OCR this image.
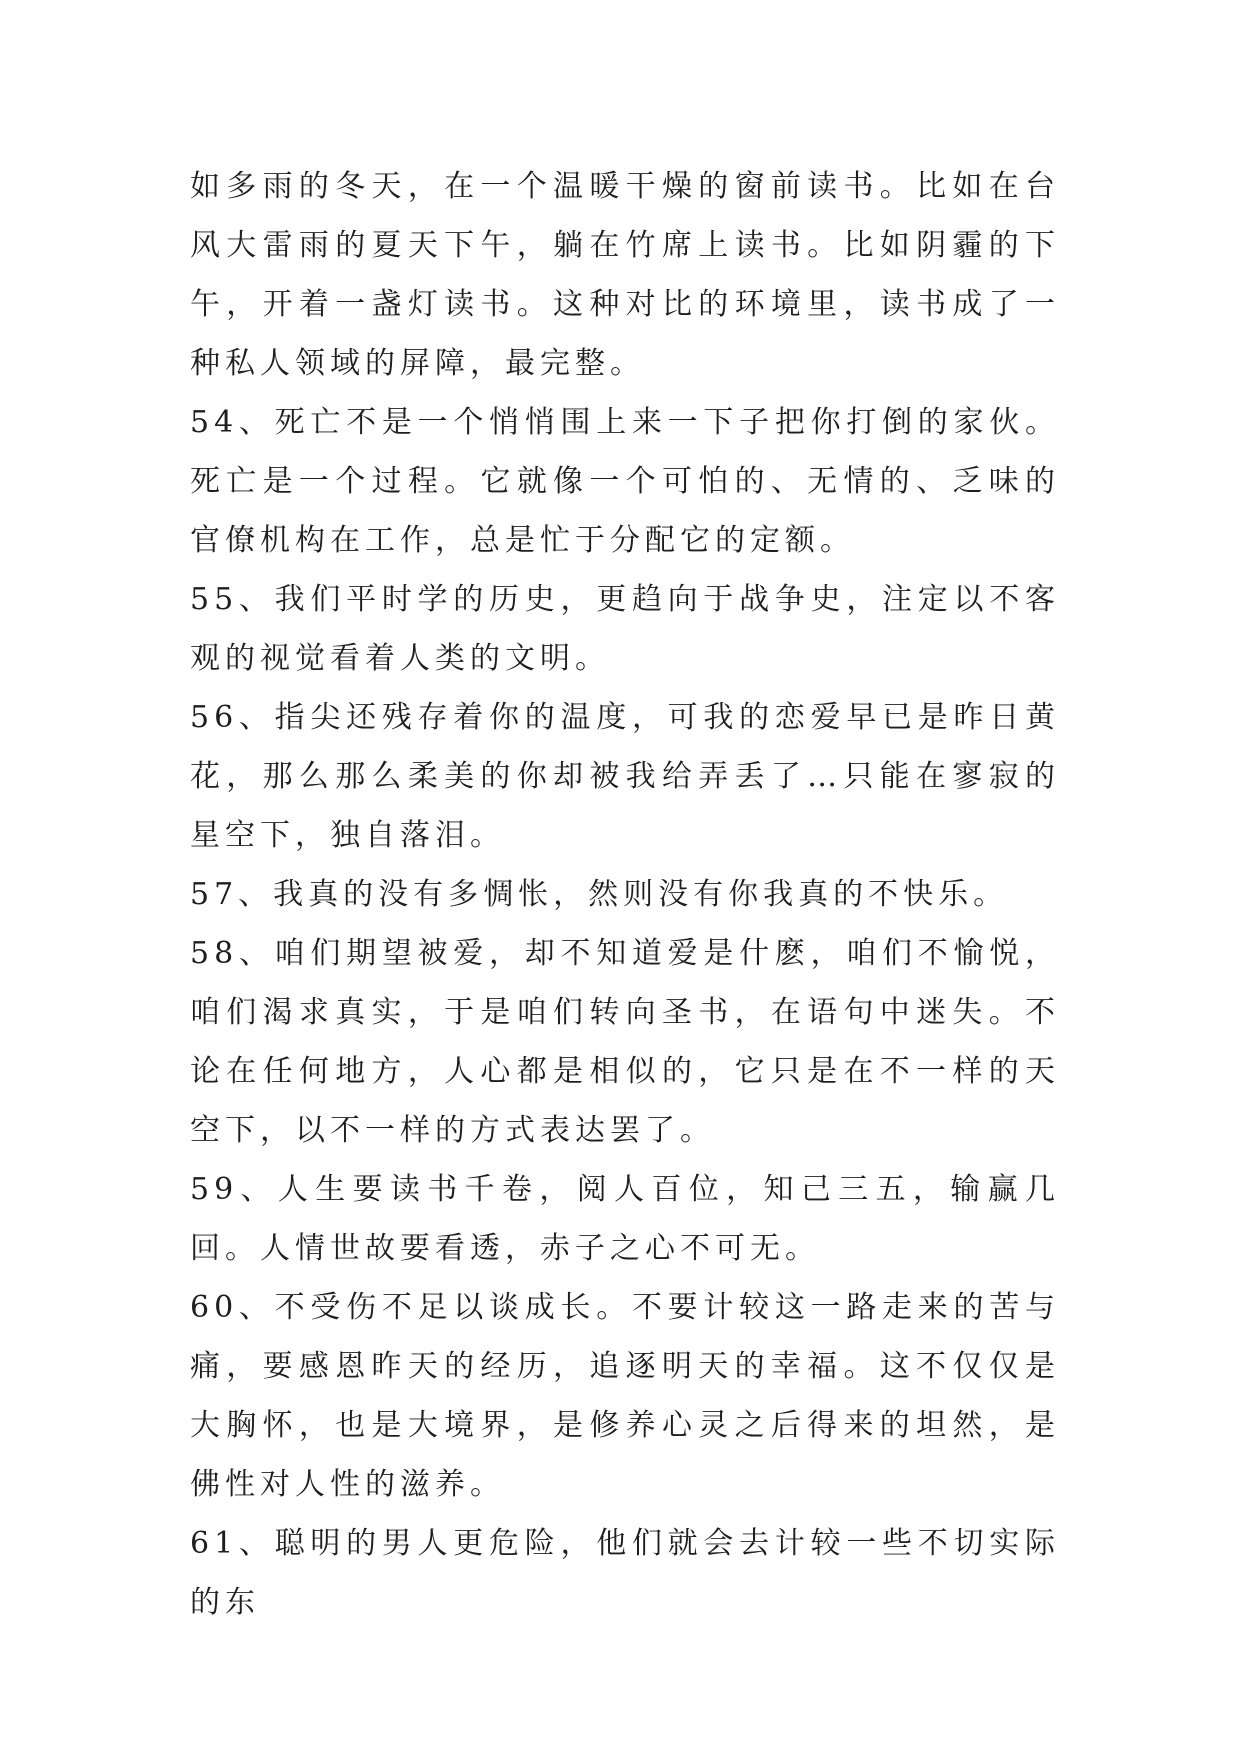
如多雨的冬天，在一个温暖干燥的窗前读书。比如在台风大雷雨的夏天下午，躺在竹席上读书。比如阴霾的下午，开着一盏灯读书。这种对比的环境里，读书成了一种私人领域的屏障，最完整。

54、死亡不是一个悄悄围上来一下子把你打倒的家伙。死亡是一个过程。它就像一个可怕的、无情的、乏味的官僚机构在工作，总是忙于分配它的定额。

55、我们平时学的历史，更趋向于战争史，注定以不客观的视觉看着人类的文明。

56、指尖还残存着你的温度，可我的恋爱早已是昨日黄花，那么那么柔美的你却被我给弄丢了…只能在寥寂的星空下，独自落泪。

57、我真的没有多惆怅，然则没有你我真的不快乐。

58、咱们期望被爱，却不知道爱是什麽，咱们不愉悦，咱们渴求真实，于是咱们转向圣书，在语句中迷失。不论在任何地方，人心都是相似的，它只是在不一样的天空下，以不一样的方式表达罢了。

59、人生要读书千卷，阅人百位，知己三五，输赢几回。人情世故要看透，赤子之心不可无。

60、不受伤不足以谈成长。不要计较这一路走来的苦与痛，要感恩昨天的经历，追逐明天的幸福。这不仅仅是大胸怀，也是大境界，是修养心灵之后得来的坦然，是佛性对人性的滋养。

61、聪明的男人更危险，他们就会去计较一些不切实际的东
